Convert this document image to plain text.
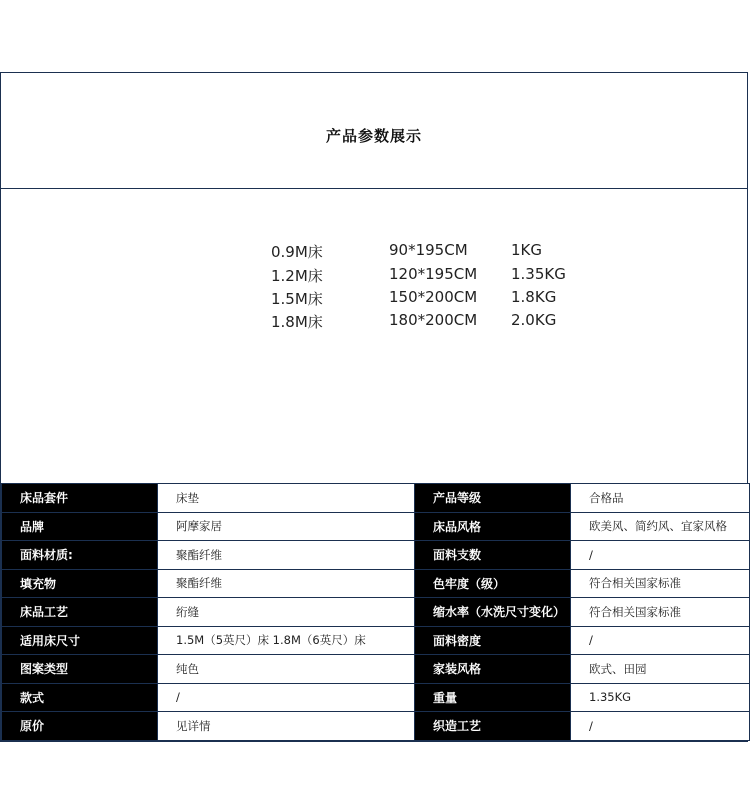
产品参数展示
0.9M床	90*195CM	1KG
1.2M床	120*195CM 1.35KG
1.5M床	150*200CM 1.8KG
1.8M床	180*200CM 2.0KG
床品套件	床垫	产品等级	合格品
品牌	阿摩家居	床品风格	欧美风、简约风、宜家风格
面料材质:	聚酯纤维	面料支数	/
填充物	聚酯纤维	色牢度（级）	符合相关国家标准
床品工艺	绗缝	缩水率（水洗尺寸变化）	符合相关国家标准
适用床尺寸	1.5M（5英尺）床 1.8M（6英尺）床	面料密度	/
图案类型	纯色	家装风格	欧式、田园
款式	/	重量	1.35KG
原价	见详情	织造工艺	/
